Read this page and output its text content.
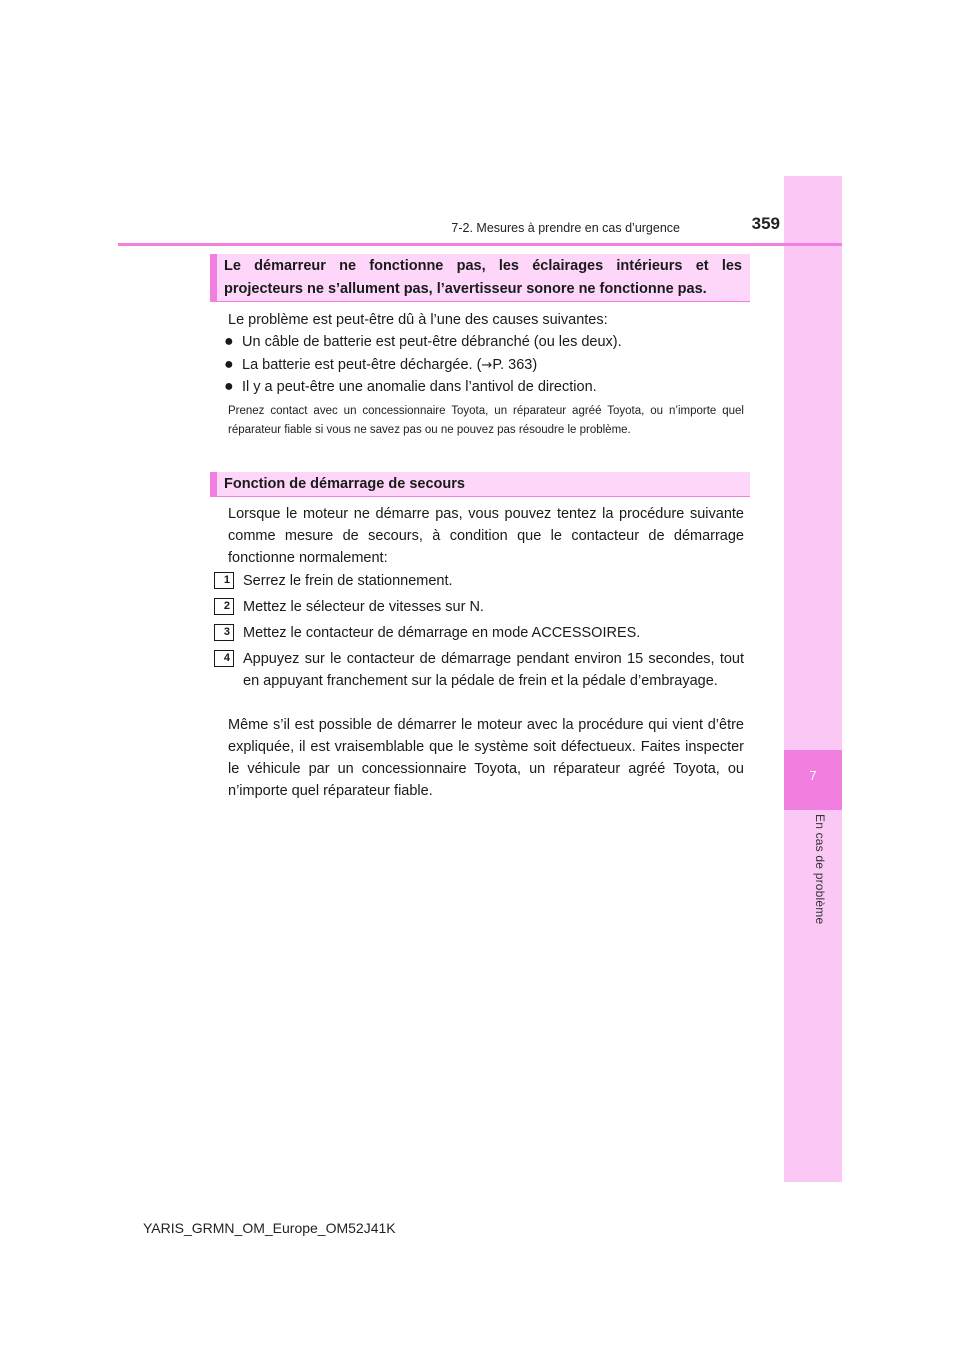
7
En cas de problème
7-2. Mesures à prendre en cas d’urgence	359
Le démarreur ne fonctionne pas, les éclairages intérieurs et les
projecteurs ne s’allument pas, l’avertisseur sonore ne fonctionne pas.

Le problème est peut-être dû à l’une des causes suivantes:

● Un câble de batterie est peut-être débranché (ou les deux).
● La batterie est peut-être déchargée. (→P. 363)
● Il y a peut-être une anomalie dans l’antivol de direction.

Prenez contact avec un concessionnaire Toyota, un réparateur agréé Toyota, ou n’importe quel réparateur fiable si vous ne savez pas ou ne pouvez pas résoudre le problème.

Fonction de démarrage de secours

Lorsque le moteur ne démarre pas, vous pouvez tentez la procédure suivante comme mesure de secours, à condition que le contacteur de démarrage fonctionne normalement:

1 Serrez le frein de stationnement.
2 Mettez le sélecteur de vitesses sur N.
3 Mettez le contacteur de démarrage en mode ACCESSOIRES.
4 Appuyez sur le contacteur de démarrage pendant environ 15 secondes, tout en appuyant franchement sur la pédale de frein et la pédale d’embrayage.

Même s’il est possible de démarrer le moteur avec la procédure qui vient d’être expliquée, il est vraisemblable que le système soit défectueux. Faites inspecter le véhicule par un concessionnaire Toyota, un réparateur agréé Toyota, ou n’importe quel réparateur fiable.

YARIS_GRMN_OM_Europe_OM52J41K
